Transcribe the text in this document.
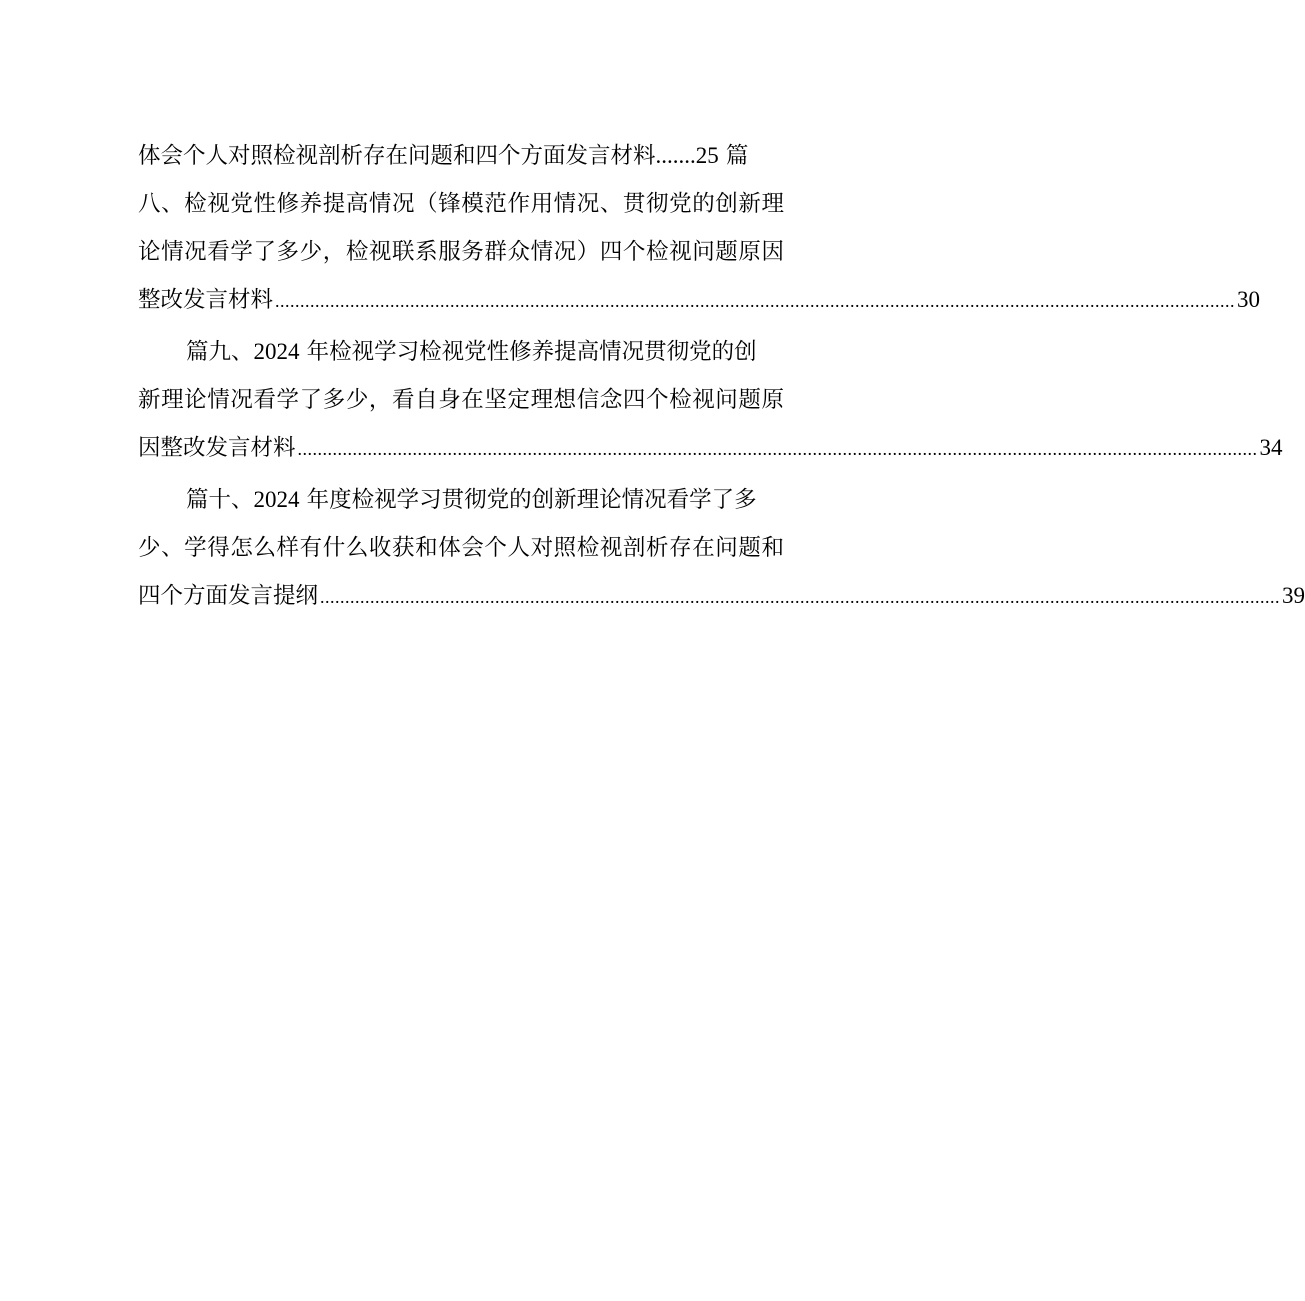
体会个人对照检视剖析存在问题和四个方面发言材料.......25 篇
八、检视党性修养提高情况（锋模范作用情况、贯彻党的创新理
论情况看学了多少，检视联系服务群众情况）四个检视问题原因
整改发言材料 ................................................................................................................................................................................................ 30
篇九、2024 年检视学习检视党性修养提高情况贯彻党的创
新理论情况看学了多少，看自身在坚定理想信念四个检视问题原
因整改发言材料 ................................................................................................................................................................................................ 34
篇十、2024 年度检视学习贯彻党的创新理论情况看学了多
少、学得怎么样有什么收获和体会个人对照检视剖析存在问题和
四个方面发言提纲 ................................................................................................................................................................................................ 39
